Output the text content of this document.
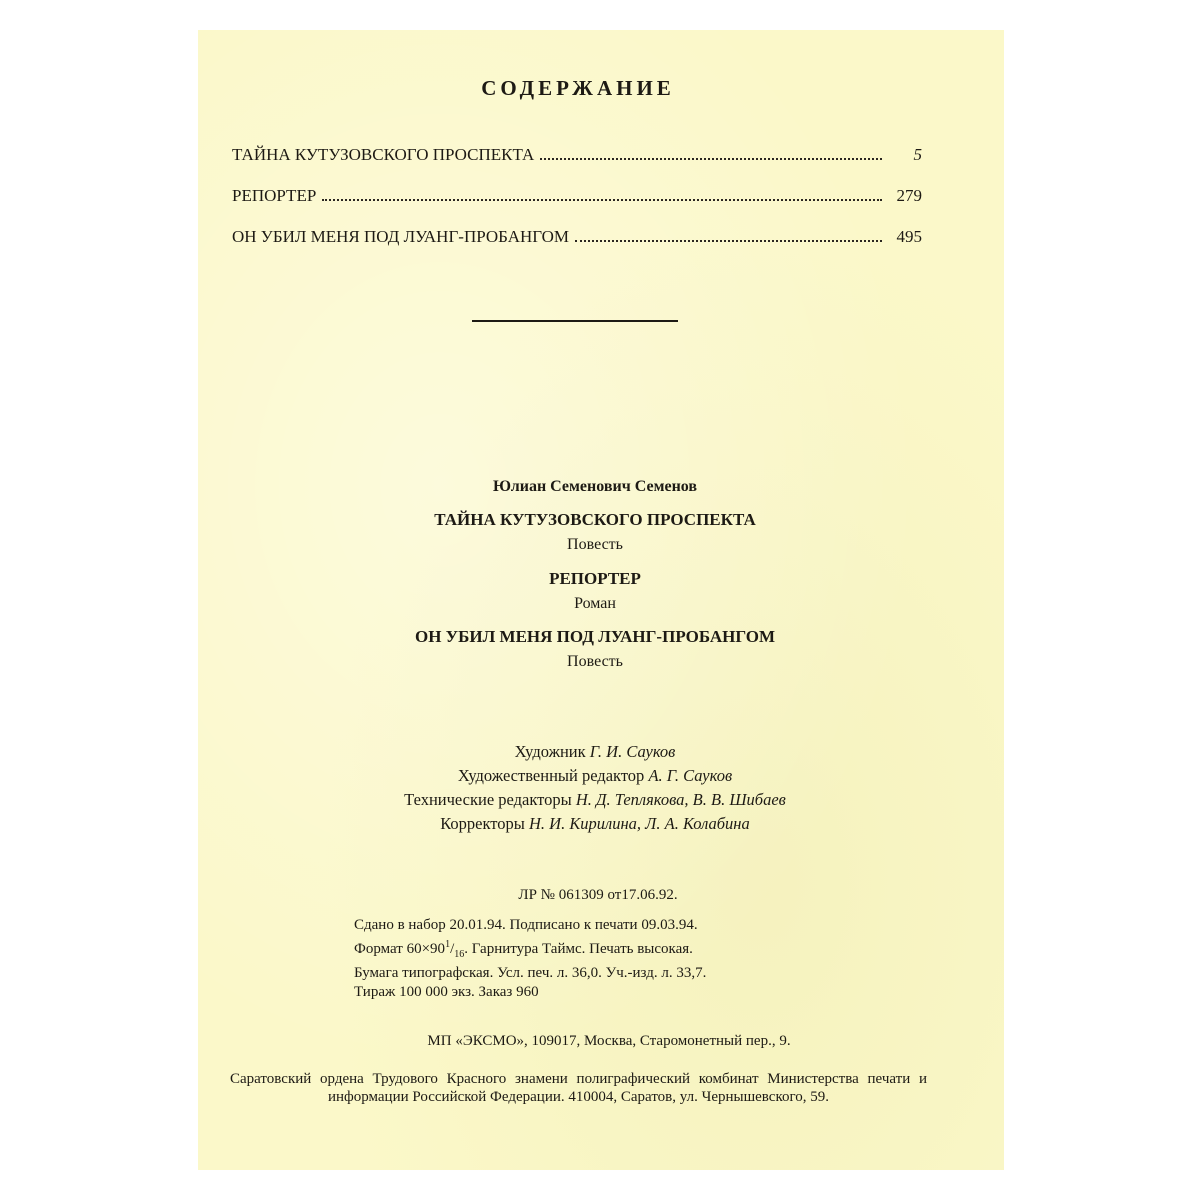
СОДЕРЖАНИЕ
ТАЙНА КУТУЗОВСКОГО ПРОСПЕКТА	5
РЕПОРТЕР	279
ОН УБИЛ МЕНЯ ПОД ЛУАНГ-ПРОБАНГОМ	495
Юлиан Семенович Семенов
ТАЙНА КУТУЗОВСКОГО ПРОСПЕКТА
Повесть
РЕПОРТЕР
Роман
ОН УБИЛ МЕНЯ ПОД ЛУАНГ-ПРОБАНГОМ
Повесть
Художник Г. И. Сауков
Художественный редактор А. Г. Сауков
Технические редакторы Н. Д. Теплякова, В. В. Шибаев
Корректоры Н. И. Кирилина, Л. А. Колабина
ЛР № 061309 от17.06.92.
Сдано в набор 20.01.94. Подписано к печати 09.03.94.
Формат $60\times 90^1/_{16}$. Гарнитура Таймс. Печать высокая.
Бумага типографская. Усл. печ. л. 36,0. Уч.-изд. л. 33,7.
Тираж 100 000 экз. Заказ 960
МП «ЭКСМО», 109017, Москва, Старомонетный пер., 9.
Саратовский ордена Трудового Красного знамени полиграфический комбинат Министерства печати и информации Российской Федерации. 410004, Саратов, ул. Чернышевского, 59.
